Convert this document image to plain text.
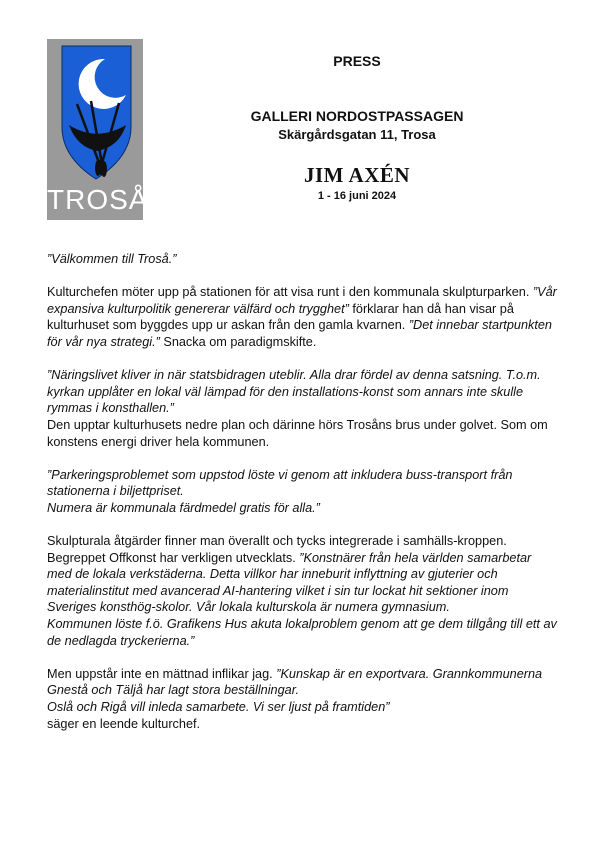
TROSÅ
PRESS
GALLERI NORDOSTPASSAGEN
Skärgårdsgatan 11, Trosa
JIM AXÉN
1 - 16 juni 2024

”Välkommen till Troså.”

Kulturchefen möter upp på stationen för att visa runt i den kommunala skulpturparken. ”Vår expansiva kulturpolitik genererar välfärd och trygghet” förklarar han då han visar på kulturhuset som byggdes upp ur askan från den gamla kvarnen. ”Det innebar startpunkten för vår nya strategi.” Snacka om paradigmskifte.

”Näringslivet kliver in när statsbidragen uteblir. Alla drar fördel av denna satsning. T.o.m. kyrkan upplåter en lokal väl lämpad för den installations-konst som annars inte skulle rymmas i konsthallen.”
Den upptar kulturhusets nedre plan och därinne hörs Trosåns brus under golvet. Som om konstens energi driver hela kommunen.

”Parkeringsproblemet som uppstod löste vi genom att inkludera buss-transport från stationerna i biljettpriset.
Numera är kommunala färdmedel gratis för alla.”

Skulpturala åtgärder finner man överallt och tycks integrerade i samhälls-kroppen. Begreppet Offkonst har verkligen utvecklats. ”Konstnärer från hela världen samarbetar med de lokala verkstäderna. Detta villkor har inneburit inflyttning av gjuterier och materialinstitut med avancerad AI-hantering vilket i sin tur lockat hit sektioner inom Sveriges konsthög-skolor. Vår lokala kulturskola är numera gymnasium.
Kommunen löste f.ö. Grafikens Hus akuta lokalproblem genom att ge dem tillgång till ett av de nedlagda tryckerierna.”

Men uppstår inte en mättnad inflikar jag. ”Kunskap är en exportvara. Grannkommunerna Gnestå och Täljå har lagt stora beställningar.
Oslå och Rigå vill inleda samarbete. Vi ser ljust på framtiden”
säger en leende kulturchef.
